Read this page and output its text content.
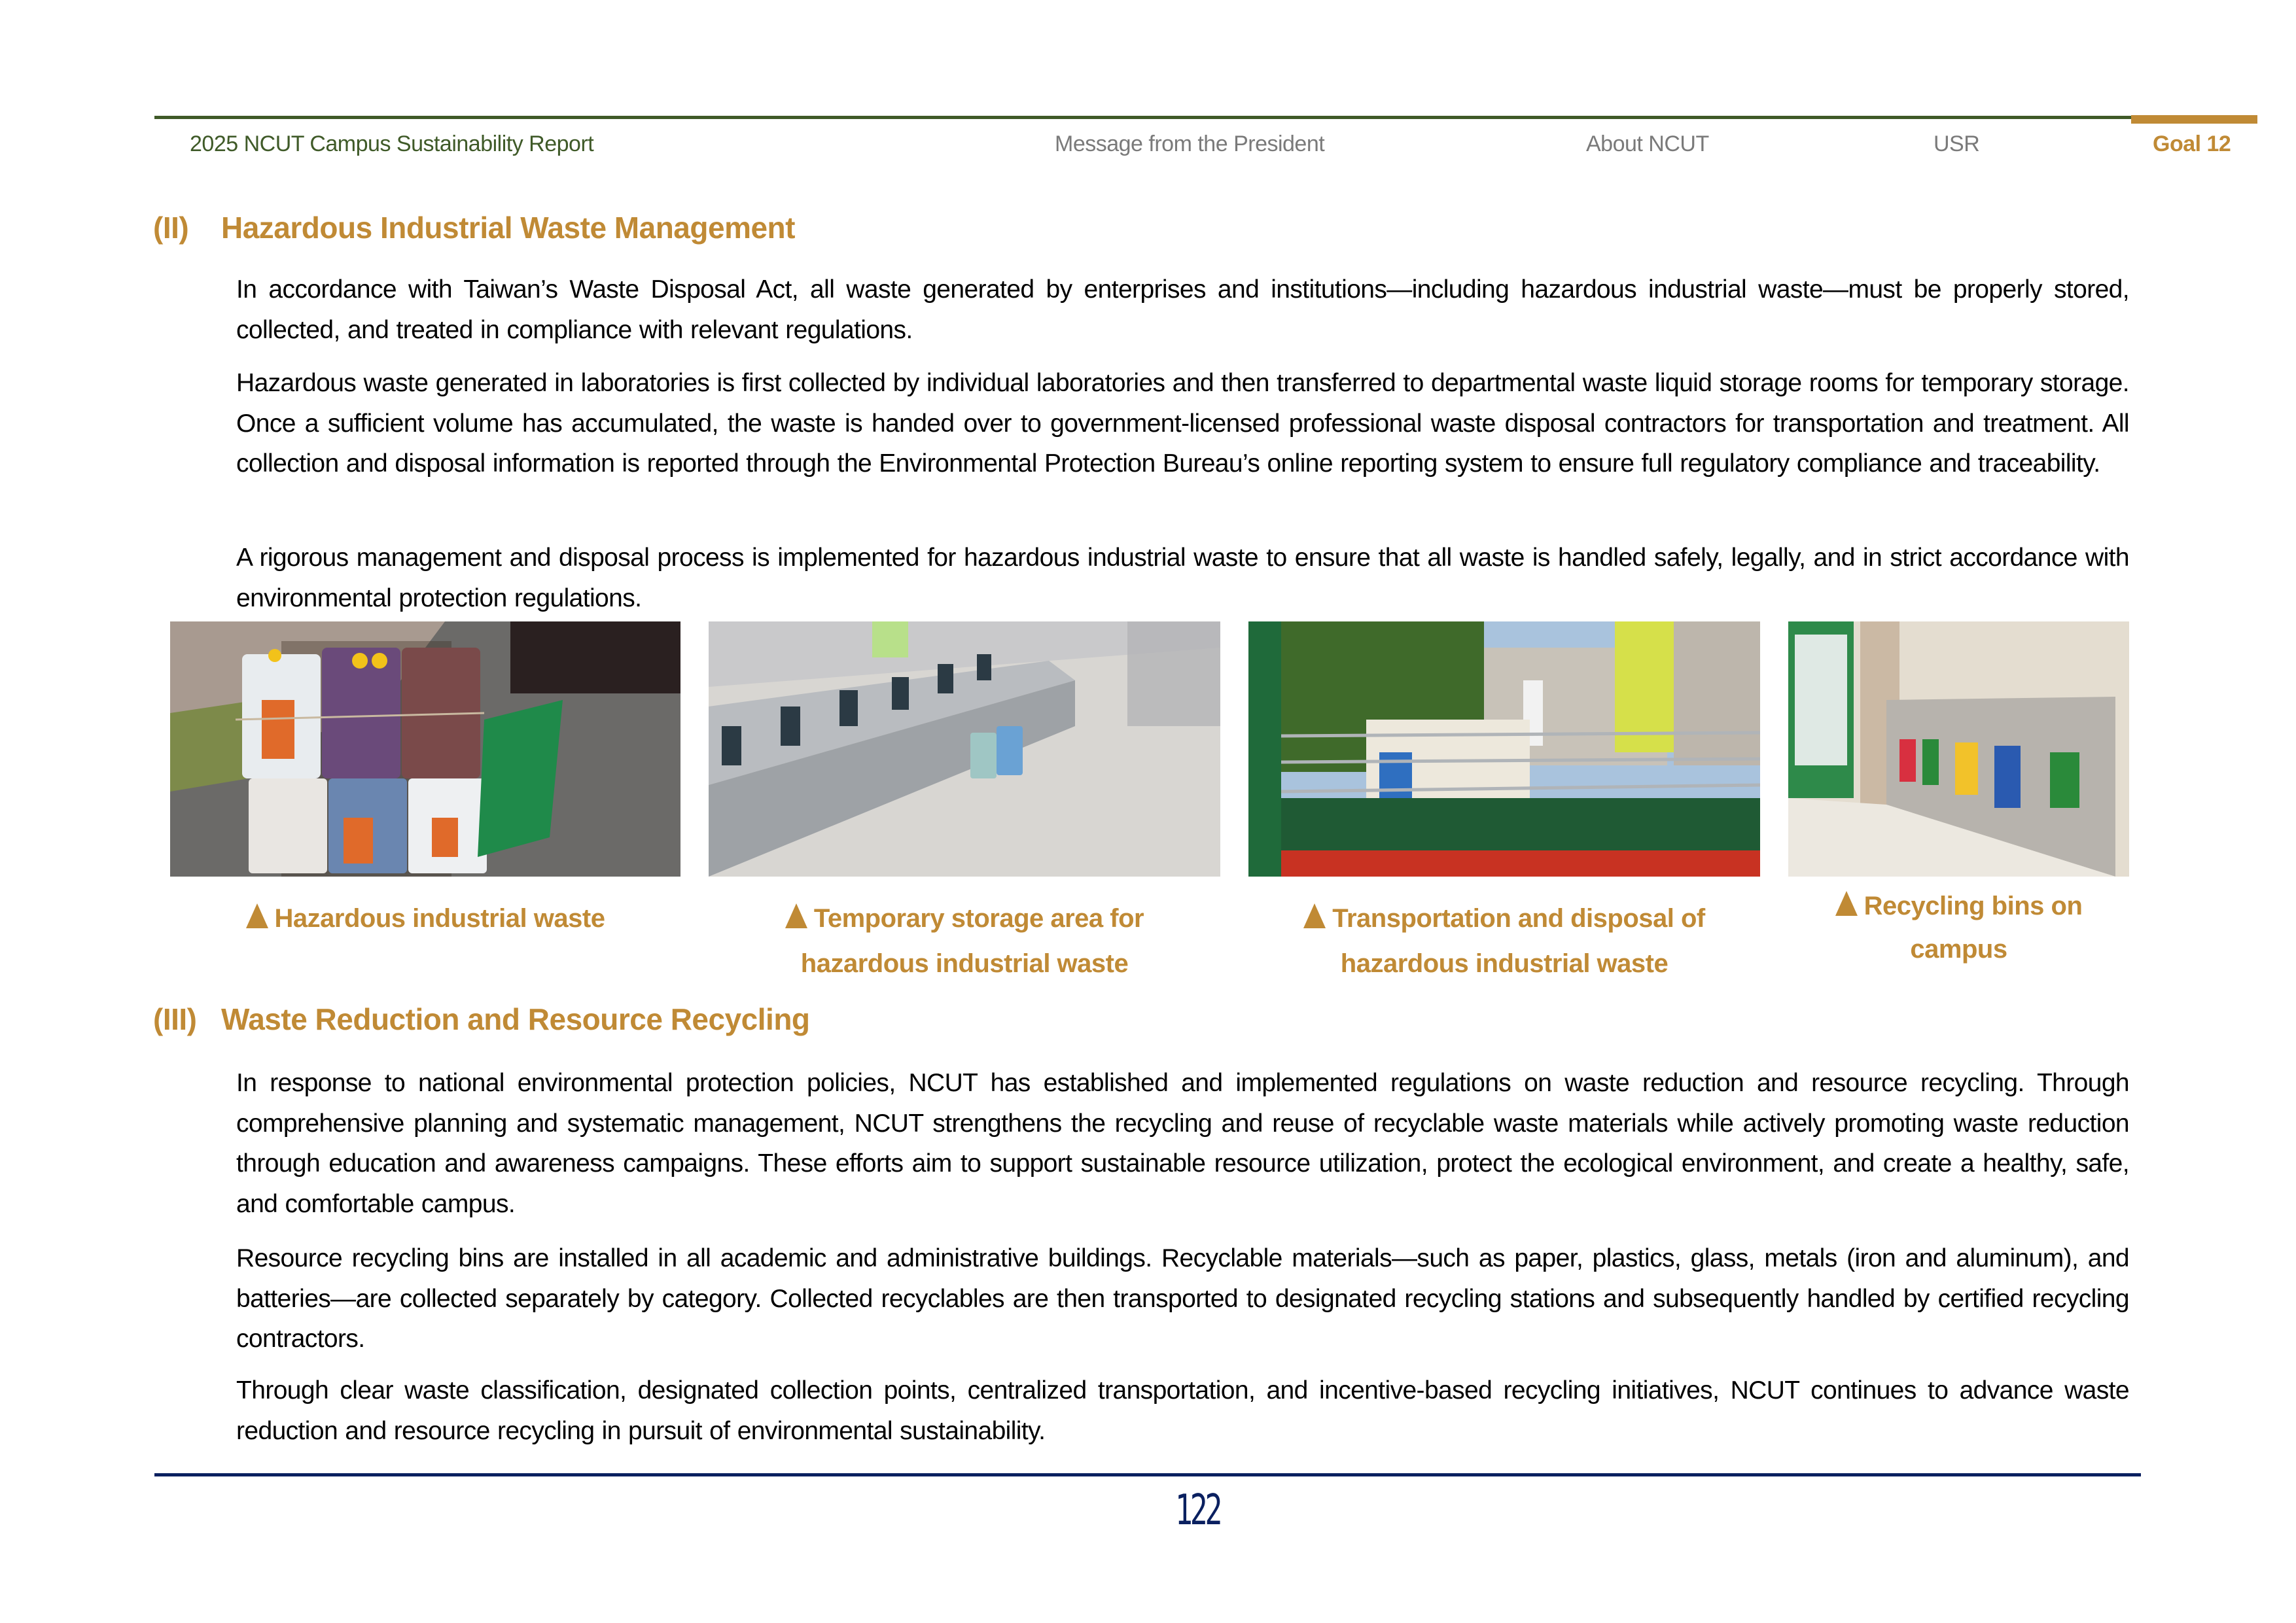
2025 NCUT Campus Sustainability Report	Message from the President	About NCUT	USR	Goal 12
(II) Hazardous Industrial Waste Management
In accordance with Taiwan’s Waste Disposal Act, all waste generated by enterprises and institutions—including hazardous industrial waste—must be properly stored, collected, and treated in compliance with relevant regulations.
Hazardous waste generated in laboratories is first collected by individual laboratories and then transferred to departmental waste liquid storage rooms for temporary storage. Once a sufficient volume has accumulated, the waste is handed over to government-licensed professional waste disposal contractors for transportation and treatment. All collection and disposal information is reported through the Environmental Protection Bureau’s online reporting system to ensure full regulatory compliance and traceability.
A rigorous management and disposal process is implemented for hazardous industrial waste to ensure that all waste is handled safely, legally, and in strict accordance with environmental protection regulations.
Hazardous industrial waste	Temporary storage area for
hazardous industrial waste
Transportation and disposal of
hazardous industrial waste
Recycling bins on
campus
(III) Waste Reduction and Resource Recycling
In response to national environmental protection policies, NCUT has established and implemented regulations on waste reduction and resource recycling. Through comprehensive planning and systematic management, NCUT strengthens the recycling and reuse of recyclable waste materials while actively promoting waste reduction through education and awareness campaigns. These efforts aim to support sustainable resource utilization, protect the ecological environment, and create a healthy, safe, and comfortable campus.
Resource recycling bins are installed in all academic and administrative buildings. Recyclable materials—such as paper, plastics, glass, metals (iron and aluminum), and batteries—are collected separately by category. Collected recyclables are then transported to designated recycling stations and subsequently handled by certified recycling contractors.
Through clear waste classification, designated collection points, centralized transportation, and incentive-based recycling initiatives, NCUT continues to advance waste reduction and resource recycling in pursuit of environmental sustainability.
122
